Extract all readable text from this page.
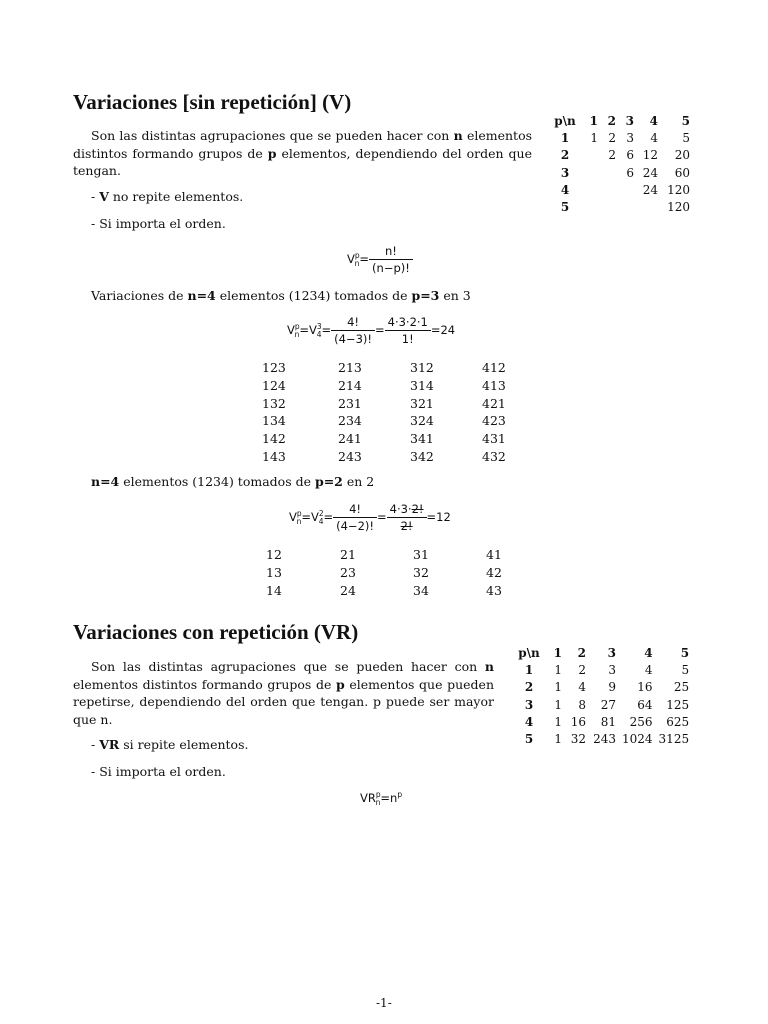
Variaciones [sin repetición] (V)

Son las distintas agrupaciones que se pueden hacer con n elementos distintos formando grupos de p elementos, dependiendo del orden que tengan.

- V no repite elementos.
- Si importa el orden.
$V^p_n= \frac{n!}{(n-p)!}$
Variaciones de n=4 elementos (1234) tomados de p=3 en 3
$V^p_n=V^3_4= \frac{4!}{(4-3)!} = \frac{4\cdot 3\cdot 2\cdot 1}{1!} =24$
123	213	312	412
124	214	314	413
132	231	321	421
134	234	324	423
142	241	341	431
143	243	342	432
n=4 elementos (1234) tomados de p=2 en 2
$V^p_n=V^2_4= \frac{4!}{(4-2)!} = \frac{4\cdot 3\cdot 2!}{2!} =12$
12	21	31	41
13	23	32	42
14	24	34	43
p\n	1	2	3	4	5
1	1	2	3	4	5
2		2	6	12	20
3			6	24	60
4				24	120
5					120
Variaciones con repetición (VR)

Son las distintas agrupaciones que se pueden hacer con n elementos distintos formando grupos de p elementos que pueden repetirse, dependiendo del orden que tengan. p puede ser mayor que n.

- VR si repite elementos.
- Si importa el orden.
$VR^p_n=n^p$
p\n	1	2	3	4	5
1	1	2	3	4	5
2	1	4	9	16	25
3	1	8	27	64	125
4	1	16	81	256	625
5	1	32	243	1024	3125
-1-
